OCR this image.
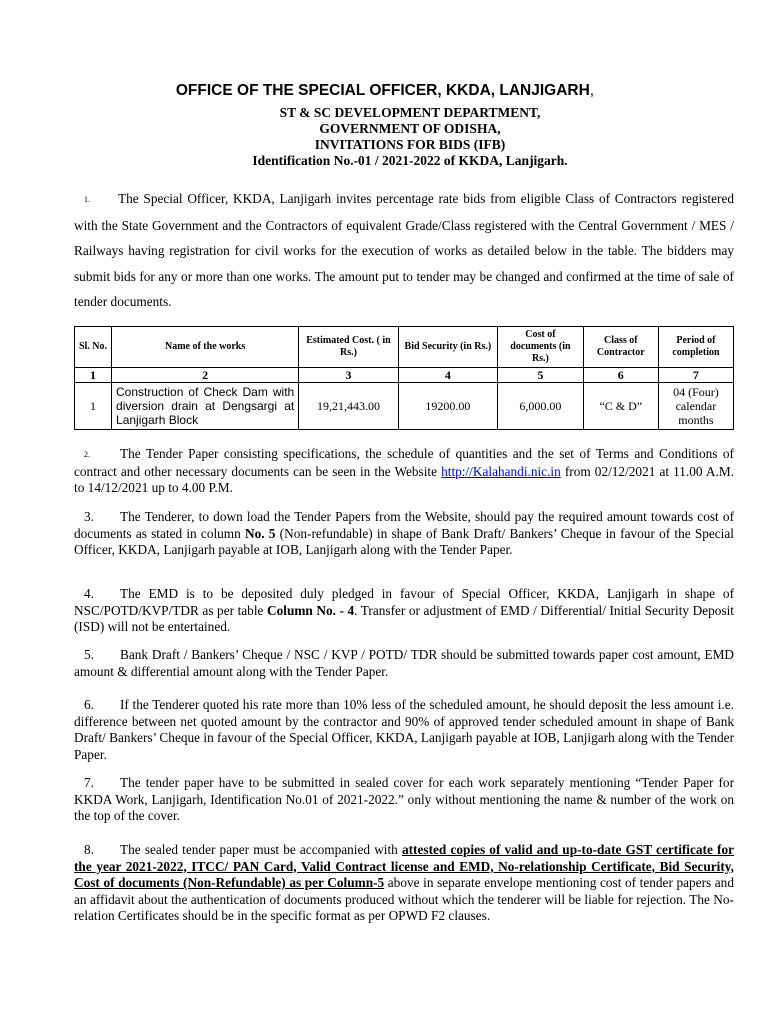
OFFICE OF THE SPECIAL OFFICER, KKDA, LANJIGARH,
ST & SC DEVELOPMENT DEPARTMENT,
GOVERNMENT OF ODISHA,
INVITATIONS FOR BIDS (IFB)
Identification No.-01 / 2021-2022 of KKDA, Lanjigarh.
1. The Special Officer, KKDA, Lanjigarh invites percentage rate bids from eligible Class of Contractors registered with the State Government and the Contractors of equivalent Grade/Class registered with the Central Government / MES / Railways having registration for civil works for the execution of works as detailed below in the table. The bidders may submit bids for any or more than one works. The amount put to tender may be changed and confirmed at the time of sale of tender documents.
Sl. No.	Name of the works	Estimated Cost. ( in Rs.)	Bid Security (in Rs.)	Cost of documents (in Rs.)	Class of Contractor	Period of completion
1	2	3	4	5	6	7
1	Construction of Check Dam with diversion drain at Dengsargi at Lanjigarh Block	19,21,443.00	19200.00	6,000.00	“C & D”	04 (Four) calendar months
2. The Tender Paper consisting specifications, the schedule of quantities and the set of Terms and Conditions of contract and other necessary documents can be seen in the Website http://Kalahandi.nic.in from 02/12/2021 at 11.00 A.M. to 14/12/2021 up to 4.00 P.M.
3. The Tenderer, to down load the Tender Papers from the Website, should pay the required amount towards cost of documents as stated in column No. 5 (Non-refundable) in shape of Bank Draft/ Bankers’ Cheque in favour of the Special Officer, KKDA, Lanjigarh payable at IOB, Lanjigarh along with the Tender Paper.
4. The EMD is to be deposited duly pledged in favour of Special Officer, KKDA, Lanjigarh in shape of NSC/POTD/KVP/TDR as per table Column No. - 4. Transfer or adjustment of EMD / Differential/ Initial Security Deposit (ISD) will not be entertained.
5. Bank Draft / Bankers’ Cheque / NSC / KVP / POTD/ TDR should be submitted towards paper cost amount, EMD amount & differential amount along with the Tender Paper.
6. If the Tenderer quoted his rate more than 10% less of the scheduled amount, he should deposit the less amount i.e. difference between net quoted amount by the contractor and 90% of approved tender scheduled amount in shape of Bank Draft/ Bankers’ Cheque in favour of the Special Officer, KKDA, Lanjigarh payable at IOB, Lanjigarh along with the Tender Paper.
7. The tender paper have to be submitted in sealed cover for each work separately mentioning “Tender Paper for KKDA Work, Lanjigarh, Identification No.01 of 2021-2022.” only without mentioning the name & number of the work on the top of the cover.
8. The sealed tender paper must be accompanied with attested copies of valid and up-to-date GST certificate for the year 2021-2022, ITCC/ PAN Card, Valid Contract license and EMD, No-relationship Certificate, Bid Security, Cost of documents (Non-Refundable) as per Column-5 above in separate envelope mentioning cost of tender papers and an affidavit about the authentication of documents produced without which the tenderer will be liable for rejection. The No-relation Certificates should be in the specific format as per OPWD F2 clauses.
